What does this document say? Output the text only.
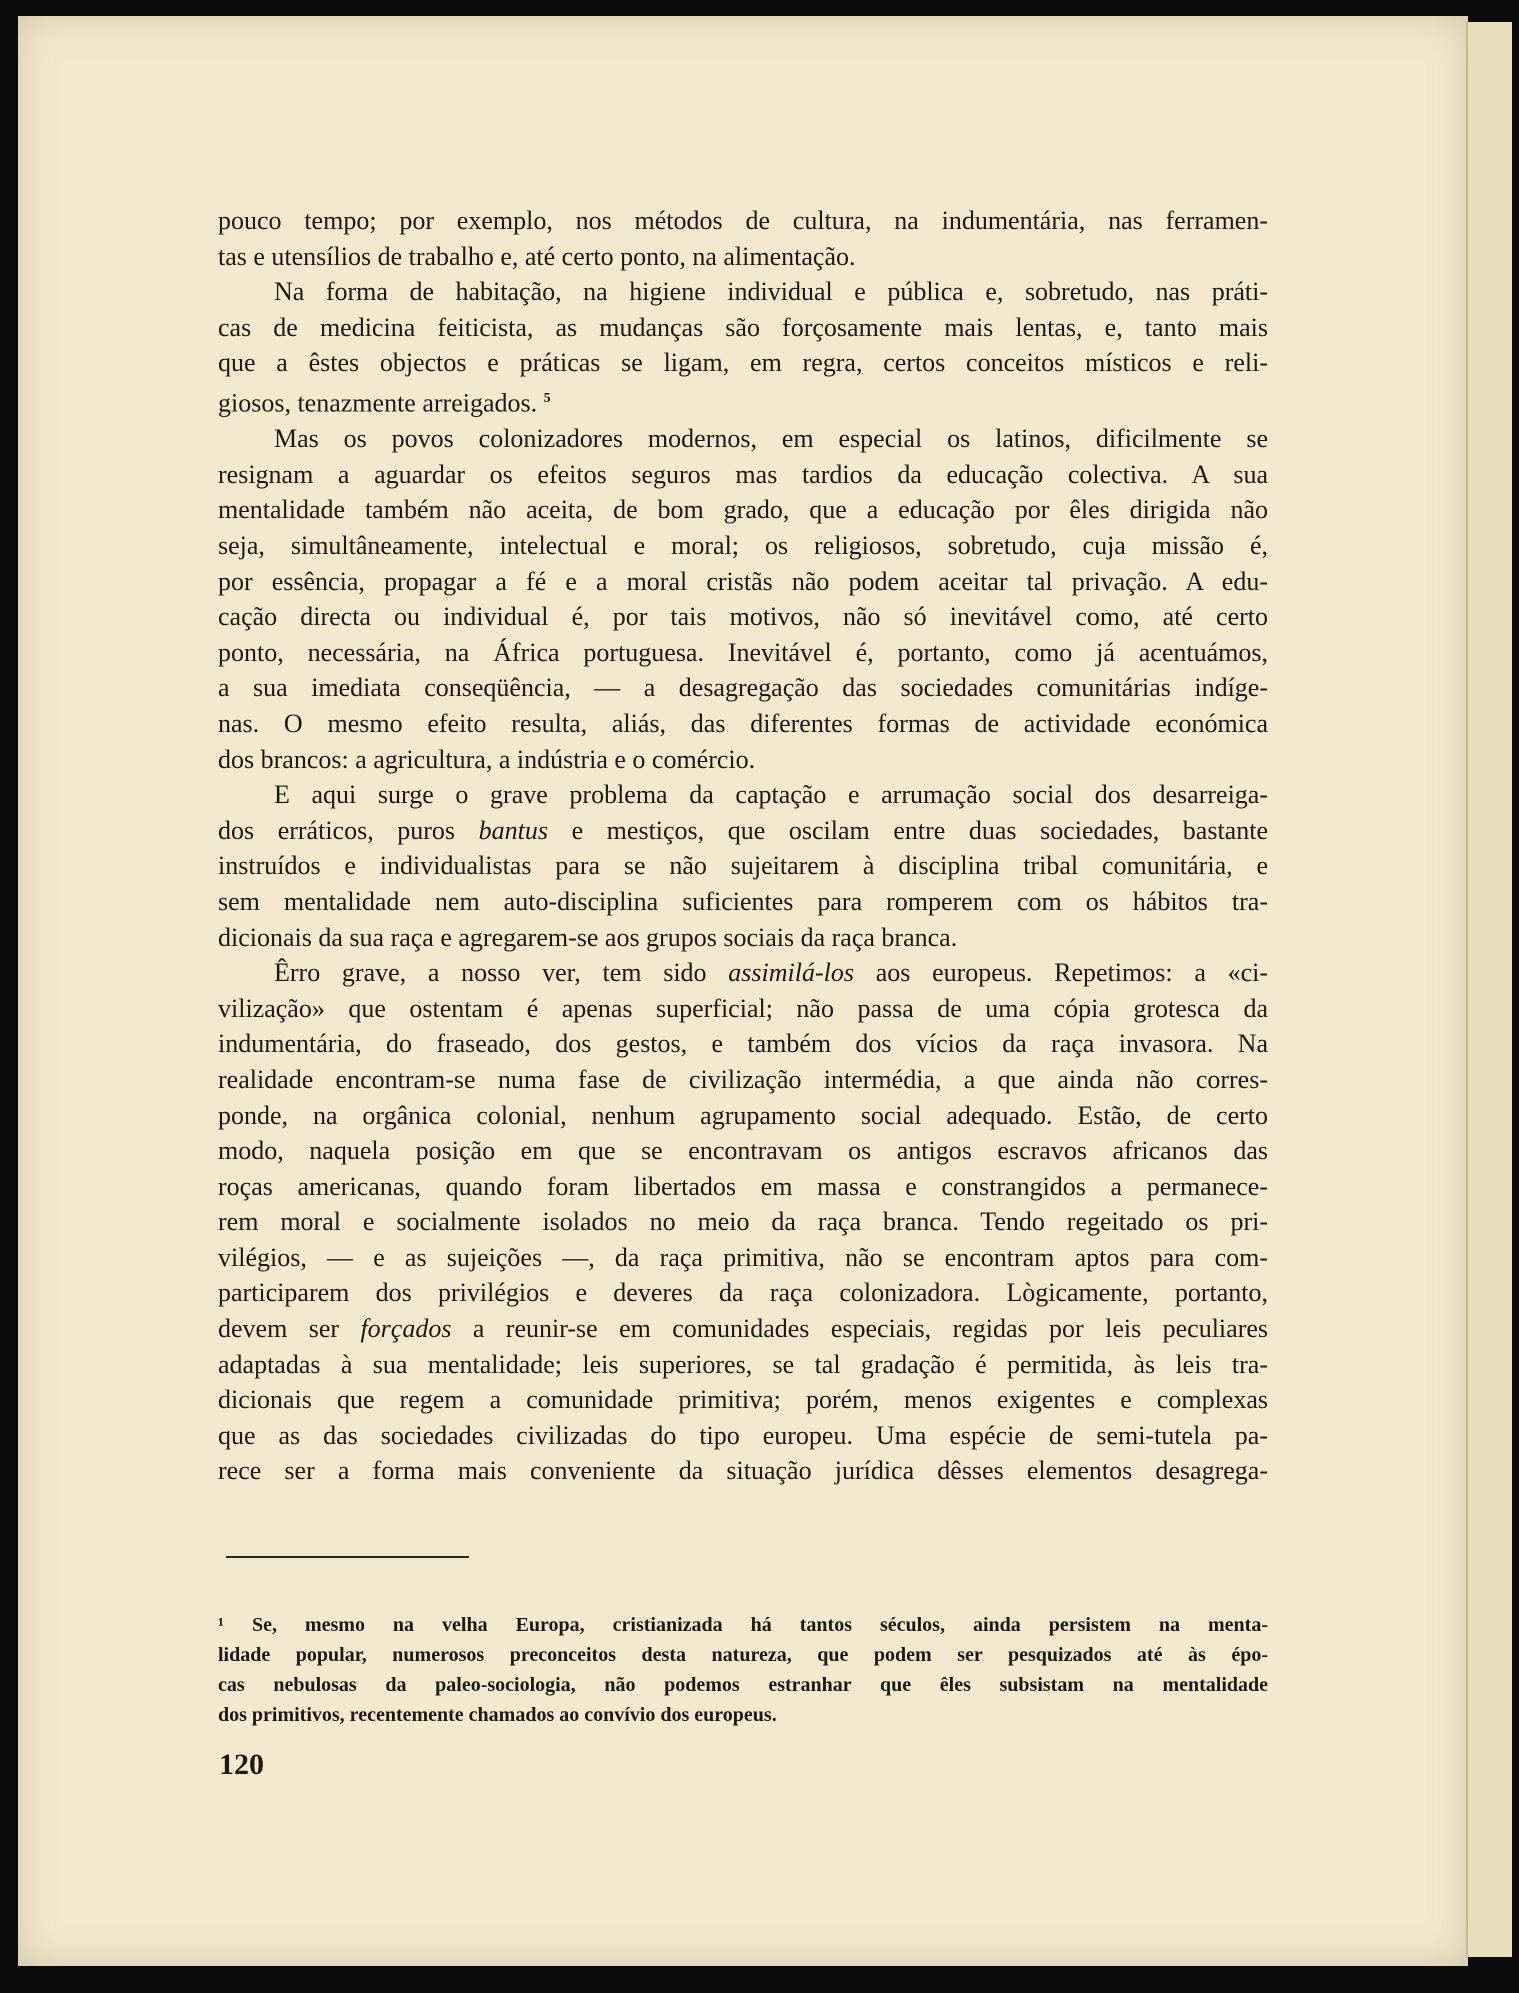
pouco tempo; por exemplo, nos métodos de cultura, na indumentária, nas ferramen-
tas e utensílios de trabalho e, até certo ponto, na alimentação.

Na forma de habitação, na higiene individual e pública e, sobretudo, nas práti-
cas de medicina feiticista, as mudanças são forçosamente mais lentas, e, tanto mais
que a êstes objectos e práticas se ligam, em regra, certos conceitos místicos e reli-
giosos, tenazmente arreigados. $^5$

Mas os povos colonizadores modernos, em especial os latinos, dificilmente se
resignam a aguardar os efeitos seguros mas tardios da educação colectiva. A sua
mentalidade também não aceita, de bom grado, que a educação por êles dirigida não
seja, simultâneamente, intelectual e moral; os religiosos, sobretudo, cuja missão é,
por essência, propagar a fé e a moral cristãs não podem aceitar tal privação. A edu-
cação directa ou individual é, por tais motivos, não só inevitável como, até certo
ponto, necessária, na África portuguesa. Inevitável é, portanto, como já acentuámos,
a sua imediata conseqüência, — a desagregação das sociedades comunitárias indíge-
nas. O mesmo efeito resulta, aliás, das diferentes formas de actividade económica
dos brancos: a agricultura, a indústria e o comércio.

E aqui surge o grave problema da captação e arrumação social dos desarreiga-
dos erráticos, puros bantus e mestiços, que oscilam entre duas sociedades, bastante
instruídos e individualistas para se não sujeitarem à disciplina tribal comunitária, e
sem mentalidade nem auto-disciplina suficientes para romperem com os hábitos tra-
dicionais da sua raça e agregarem-se aos grupos sociais da raça branca.

Êrro grave, a nosso ver, tem sido assimilá-los aos europeus. Repetimos: a «ci-
vilização» que ostentam é apenas superficial; não passa de uma cópia grotesca da
indumentária, do fraseado, dos gestos, e também dos vícios da raça invasora. Na
realidade encontram-se numa fase de civilização intermédia, a que ainda não corres-
ponde, na orgânica colonial, nenhum agrupamento social adequado. Estão, de certo
modo, naquela posição em que se encontravam os antigos escravos africanos das
roças americanas, quando foram libertados em massa e constrangidos a permanece-
rem moral e socialmente isolados no meio da raça branca. Tendo regeitado os pri-
vilégios, — e as sujeições —, da raça primitiva, não se encontram aptos para com-
participarem dos privilégios e deveres da raça colonizadora. Lògicamente, portanto,
devem ser forçados a reunir-se em comunidades especiais, regidas por leis peculiares
adaptadas à sua mentalidade; leis superiores, se tal gradação é permitida, às leis tra-
dicionais que regem a comunidade primitiva; porém, menos exigentes e complexas
que as das sociedades civilizadas do tipo europeu. Uma espécie de semi-tutela pa-
rece ser a forma mais conveniente da situação jurídica dêsses elementos desagrega-

¹ Se, mesmo na velha Europa, cristianizada há tantos séculos, ainda persistem na menta-
lidade popular, numerosos preconceitos desta natureza, que podem ser pesquizados até às épo-
cas nebulosas da paleo-sociologia, não podemos estranhar que êles subsistam na mentalidade
dos primitivos, recentemente chamados ao convívio dos europeus.
120
